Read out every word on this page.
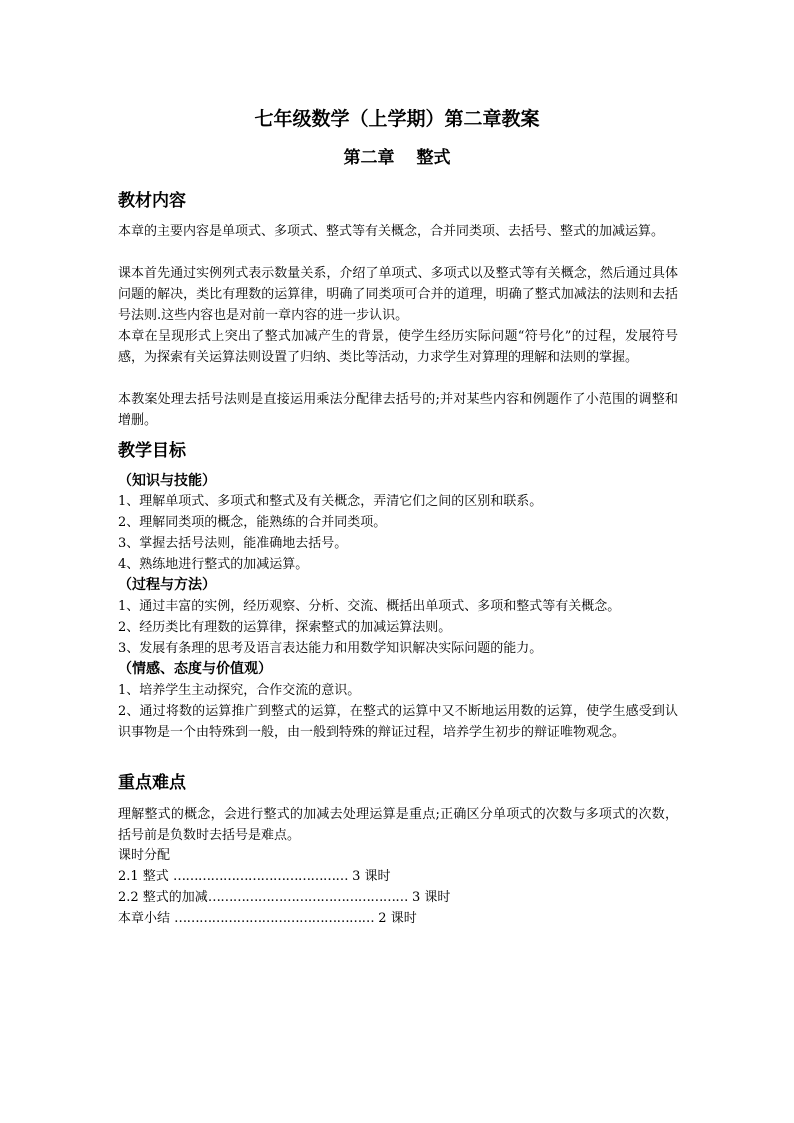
七年级数学（上学期）第二章教案
第二章 整式
教材内容
本章的主要内容是单项式、多项式、整式等有关概念，合并同类项、去括号、整式的加减运算。
课本首先通过实例列式表示数量关系，介绍了单项式、多项式以及整式等有关概念，然后通过具体问题的解决，类比有理数的运算律，明确了同类项可合并的道理，明确了整式加减法的法则和去括号法则.这些内容也是对前一章内容的进一步认识。
本章在呈现形式上突出了整式加减产生的背景，使学生经历实际问题“符号化”的过程，发展符号感，为探索有关运算法则设置了归纳、类比等活动，力求学生对算理的理解和法则的掌握。
本教案处理去括号法则是直接运用乘法分配律去括号的;并对某些内容和例题作了小范围的调整和增删。
教学目标
（知识与技能）
1、理解单项式、多项式和整式及有关概念，弄清它们之间的区别和联系。
2、理解同类项的概念，能熟练的合并同类项。
3、掌握去括号法则，能准确地去括号。
4、熟练地进行整式的加减运算。
（过程与方法）
1、通过丰富的实例，经历观察、分析、交流、概括出单项式、多项和整式等有关概念。
2、经历类比有理数的运算律，探索整式的加减运算法则。
3、发展有条理的思考及语言表达能力和用数学知识解决实际问题的能力。
（情感、态度与价值观）
1、培养学生主动探究，合作交流的意识。
2、通过将数的运算推广到整式的运算，在整式的运算中又不断地运用数的运算，使学生感受到认识事物是一个由特殊到一般，由一般到特殊的辩证过程，培养学生初步的辩证唯物观念。
重点难点
理解整式的概念，会进行整式的加减去处理运算是重点;正确区分单项式的次数与多项式的次数，括号前是负数时去括号是难点。
课时分配
2.1 整式 …………………………………… 3 课时
2.2 整式的加减………………………………………… 3 课时
本章小结 ………………………………………… 2 课时
